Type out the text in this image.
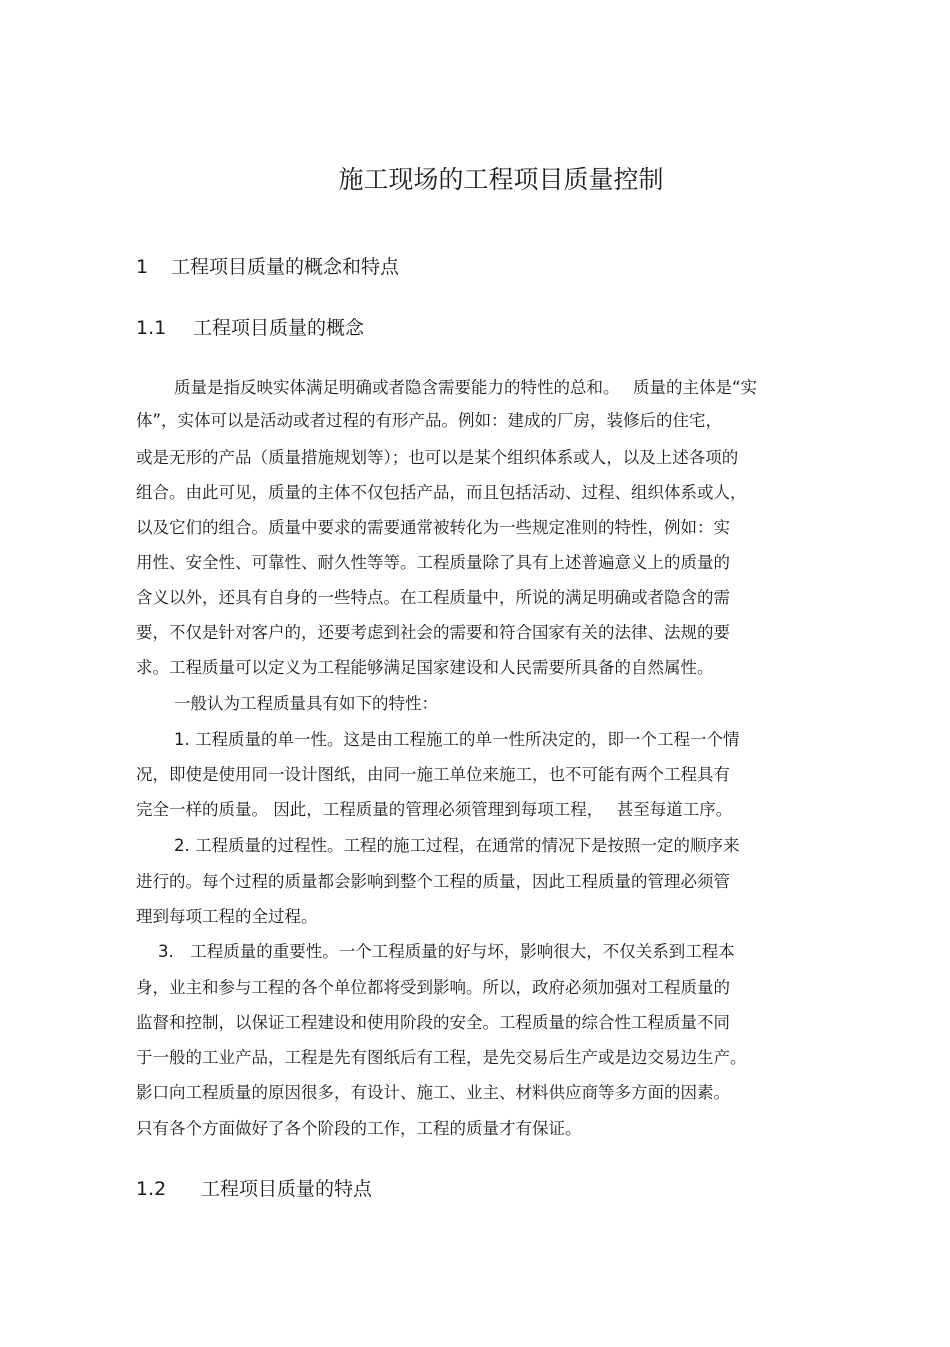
施工现场的工程项目质量控制
1 工程项目质量的概念和特点
1.1 工程项目质量的概念
质量是指反映实体满足明确或者隐含需要能力的特性的总和。　 质量的主体是“实
体”，实体可以是活动或者过程的有形产品。例如：建成的厂房，装修后的住宅，
或是无形的产品（质量措施规划等）；也可以是某个组织体系或人，以及上述各项的
组合。由此可见，质量的主体不仅包括产品，而且包括活动、过程、组织体系或人，
以及它们的组合。质量中要求的需要通常被转化为一些规定准则的特性，例如：实
用性、安全性、可靠性、耐久性等等。工程质量除了具有上述普遍意义上的质量的
含义以外，还具有自身的一些特点。在工程质量中，所说的满足明确或者隐含的需
要，不仅是针对客户的，还要考虑到社会的需要和符合国家有关的法律、法规的要
求。工程质量可以定义为工程能够满足国家建设和人民需要所具备的自然属性。
一般认为工程质量具有如下的特性：
1. 工程质量的单一性。这是由工程施工的单一性所决定的，即一个工程一个情
况，即使是使用同一设计图纸，由同一施工单位来施工，也不可能有两个工程具有
完全一样的质量。 因此，工程质量的管理必须管理到每项工程，　 甚至每道工序。
2. 工程质量的过程性。工程的施工过程，在通常的情况下是按照一定的顺序来
进行的。每个过程的质量都会影响到整个工程的质量，因此工程质量的管理必须管
理到每项工程的全过程。
3.　工程质量的重要性。一个工程质量的好与坏，影响很大，不仅关系到工程本
身，业主和参与工程的各个单位都将受到影响。所以，政府必须加强对工程质量的
监督和控制，以保证工程建设和使用阶段的安全。工程质量的综合性工程质量不同
于一般的工业产品，工程是先有图纸后有工程，是先交易后生产或是边交易边生产。
影口向工程质量的原因很多，有设计、施工、业主、材料供应商等多方面的因素。
只有各个方面做好了各个阶段的工作，工程的质量才有保证。
1.2 工程项目质量的特点
